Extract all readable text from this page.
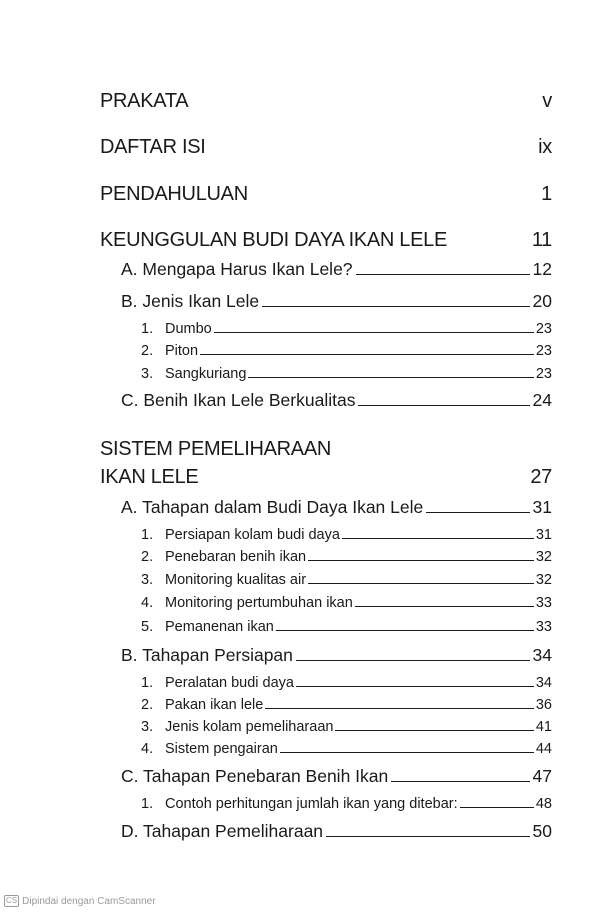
PRAKATA	v
DAFTAR ISI	ix
PENDAHULUAN	1
KEUNGGULAN BUDI DAYA IKAN LELE	11
A. Mengapa Harus Ikan Lele?	12
B. Jenis Ikan Lele	20
1. Dumbo	23
2. Piton	23
3. Sangkuriang	23
C. Benih Ikan Lele Berkualitas	24
SISTEM PEMELIHARAAN
IKAN LELE	27
A. Tahapan dalam Budi Daya Ikan Lele	31
1. Persiapan kolam budi daya	31
2. Penebaran benih ikan	32
3. Monitoring kualitas air	32
4. Monitoring pertumbuhan ikan	33
5. Pemanenan ikan	33
B. Tahapan Persiapan	34
1. Peralatan budi daya	34
2. Pakan ikan lele	36
3. Jenis kolam pemeliharaan	41
4. Sistem pengairan	44
C. Tahapan Penebaran Benih Ikan	47
1. Contoh perhitungan jumlah ikan yang ditebar:	48
D. Tahapan Pemeliharaan	50
CS Dipindai dengan CamScanner
